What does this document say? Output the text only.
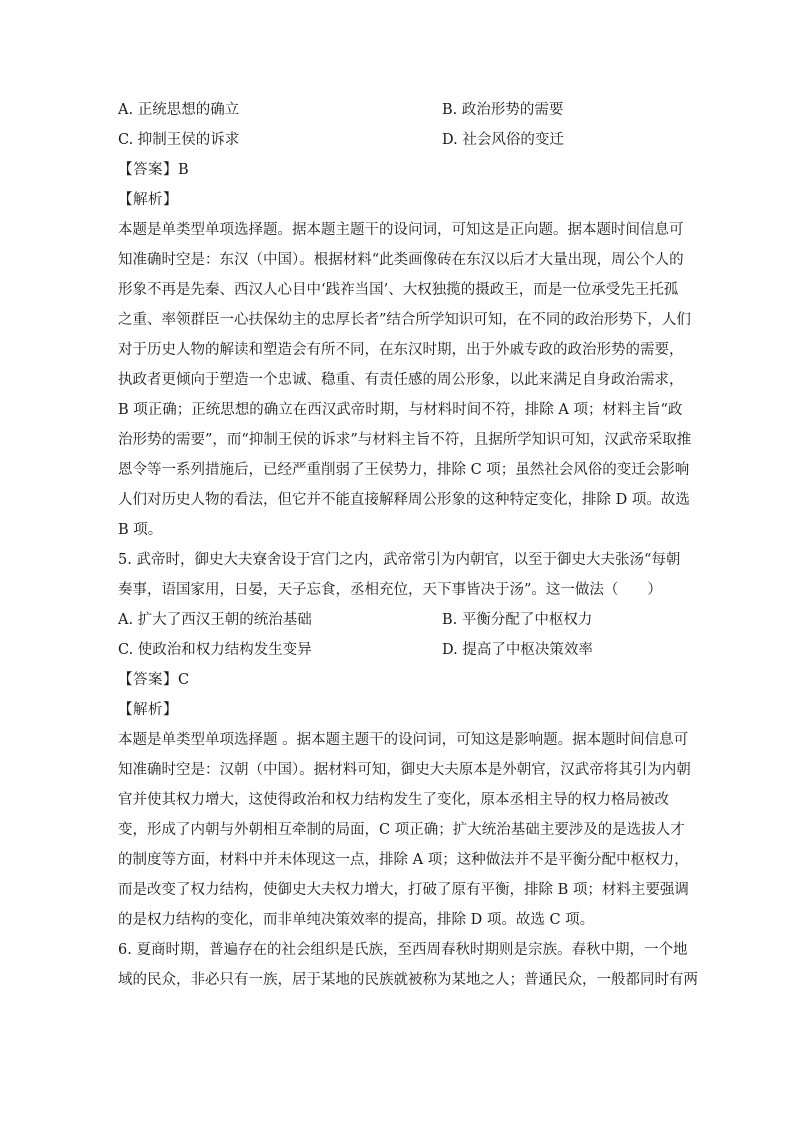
A. 正统思想的确立	B. 政治形势的需要
C. 抑制王侯的诉求	D. 社会风俗的变迁
【答案】B
【解析】
本题是单类型单项选择题。据本题主题干的设问词，可知这是正向题。据本题时间信息可
知准确时空是：东汉（中国）。根据材料“此类画像砖在东汉以后才大量出现，周公个人的
形象不再是先秦、西汉人心目中‘践祚当国’、大权独揽的摄政王，而是一位承受先王托孤
之重、率领群臣一心扶保幼主的忠厚长者”结合所学知识可知，在不同的政治形势下，人们
对于历史人物的解读和塑造会有所不同，在东汉时期，出于外戚专政的政治形势的需要，
执政者更倾向于塑造一个忠诚、稳重、有责任感的周公形象，以此来满足自身政治需求，
B 项正确；正统思想的确立在西汉武帝时期，与材料时间不符，排除 A 项；材料主旨“政
治形势的需要”，而“抑制王侯的诉求”与材料主旨不符，且据所学知识可知，汉武帝采取推
恩令等一系列措施后，已经严重削弱了王侯势力，排除 C 项；虽然社会风俗的变迁会影响
人们对历史人物的看法，但它并不能直接解释周公形象的这种特定变化，排除 D 项。故选
B 项。
5. 武帝时，御史大夫寮舍设于宫门之内，武帝常引为内朝官，以至于御史大夫张汤“每朝
奏事，语国家用，日晏，天子忘食，丞相充位，天下事皆决于汤”。这一做法（　　）
A. 扩大了西汉王朝的统治基础	B. 平衡分配了中枢权力
C. 使政治和权力结构发生变异	D. 提高了中枢决策效率
【答案】C
【解析】
本题是单类型单项选择题 。据本题主题干的设问词，可知这是影响题。据本题时间信息可
知准确时空是：汉朝（中国）。据材料可知，御史大夫原本是外朝官，汉武帝将其引为内朝
官并使其权力增大，这使得政治和权力结构发生了变化，原本丞相主导的权力格局被改
变，形成了内朝与外朝相互牵制的局面，C 项正确；扩大统治基础主要涉及的是选拔人才
的制度等方面，材料中并未体现这一点，排除 A 项；这种做法并不是平衡分配中枢权力，
而是改变了权力结构，使御史大夫权力增大，打破了原有平衡，排除 B 项；材料主要强调
的是权力结构的变化，而非单纯决策效率的提高，排除 D 项。故选 C 项。
6. 夏商时期，普遍存在的社会组织是氏族，至西周春秋时期则是宗族。春秋中期，一个地
域的民众，非必只有一族，居于某地的民族就被称为某地之人；普通民众，一般都同时有两
